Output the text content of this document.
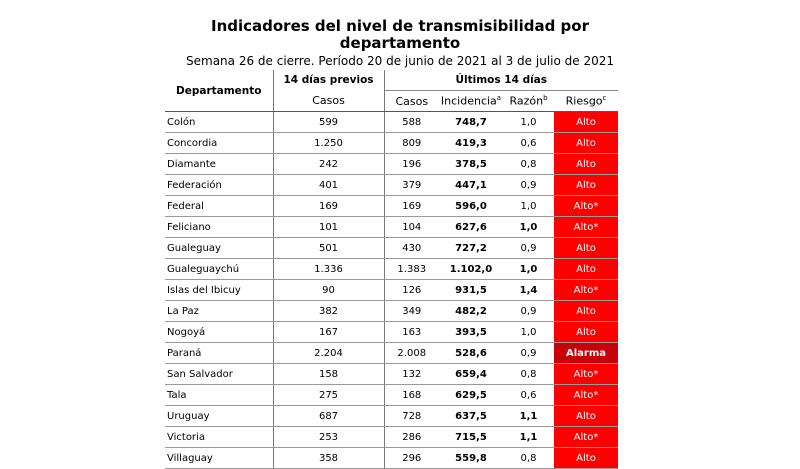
Indicadores del nivel de transmisibilidad por
departamento
Semana 26 de cierre. Período 20 de junio de 2021 al 3 de julio de 2021
Departamento	14 días previos	Últimos 14 días			
	Casos	Casos	Incidencia$^a$	Razón$^b$	Riesgo$^c$
Colón	599	588	748,7	1,0	Alto
Concordia	1.250	809	419,3	0,6	Alto
Diamante	242	196	378,5	0,8	Alto
Federación	401	379	447,1	0,9	Alto
Federal	169	169	596,0	1,0	Alto*
Feliciano	101	104	627,6	1,0	Alto*
Gualeguay	501	430	727,2	0,9	Alto
Gualeguaychú	1.336	1.383	1.102,0	1,0	Alto
Islas del Ibicuy	90	126	931,5	1,4	Alto*
La Paz	382	349	482,2	0,9	Alto
Nogoyá	167	163	393,5	1,0	Alto
Paraná	2.204	2.008	528,6	0,9	Alarma
San Salvador	158	132	659,4	0,8	Alto*
Tala	275	168	629,5	0,6	Alto*
Uruguay	687	728	637,5	1,1	Alto
Victoria	253	286	715,5	1,1	Alto*
Villaguay	358	296	559,8	0,8	Alto
